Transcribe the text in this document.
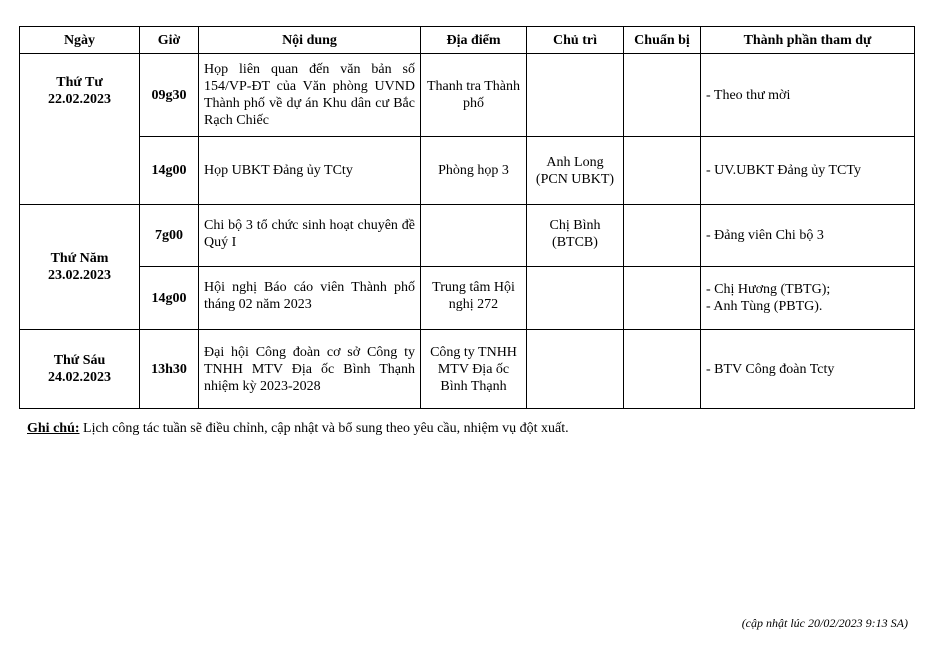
Ngày	Giờ	Nội dung	Địa điểm	Chủ trì	Chuẩn bị	Thành phần tham dự

Thứ Tư
22.02.2023	09g30	Họp liên quan đến văn bản số 154/VP-ĐT của Văn phòng UVND Thành phố về dự án Khu dân cư Bắc Rạch Chiếc	Thanh tra Thành phố			- Theo thư mời

	14g00	Họp UBKT Đảng ủy TCty	Phòng họp 3	Anh Long (PCN UBKT)		- UV.UBKT Đảng ủy TCTy

Thứ Năm
23.02.2023	7g00	Chi bộ 3 tổ chức sinh hoạt chuyên đề Quý I		Chị Bình (BTCB)		- Đảng viên Chi bộ 3

	14g00	Hội nghị Báo cáo viên Thành phố tháng 02 năm 2023	Trung tâm Hội nghị 272			- Chị Hương (TBTG);
- Anh Tùng (PBTG).

Thứ Sáu
24.02.2023	13h30	Đại hội Công đoàn cơ sở Công ty TNHH MTV Địa ốc Bình Thạnh nhiệm kỳ 2023-2028	Công ty TNHH MTV Địa ốc Bình Thạnh			- BTV Công đoàn Tcty
Ghi chú: Lịch công tác tuần sẽ điều chỉnh, cập nhật và bổ sung theo yêu cầu, nhiệm vụ đột xuất.
(cập nhật lúc 20/02/2023 9:13 SA)
